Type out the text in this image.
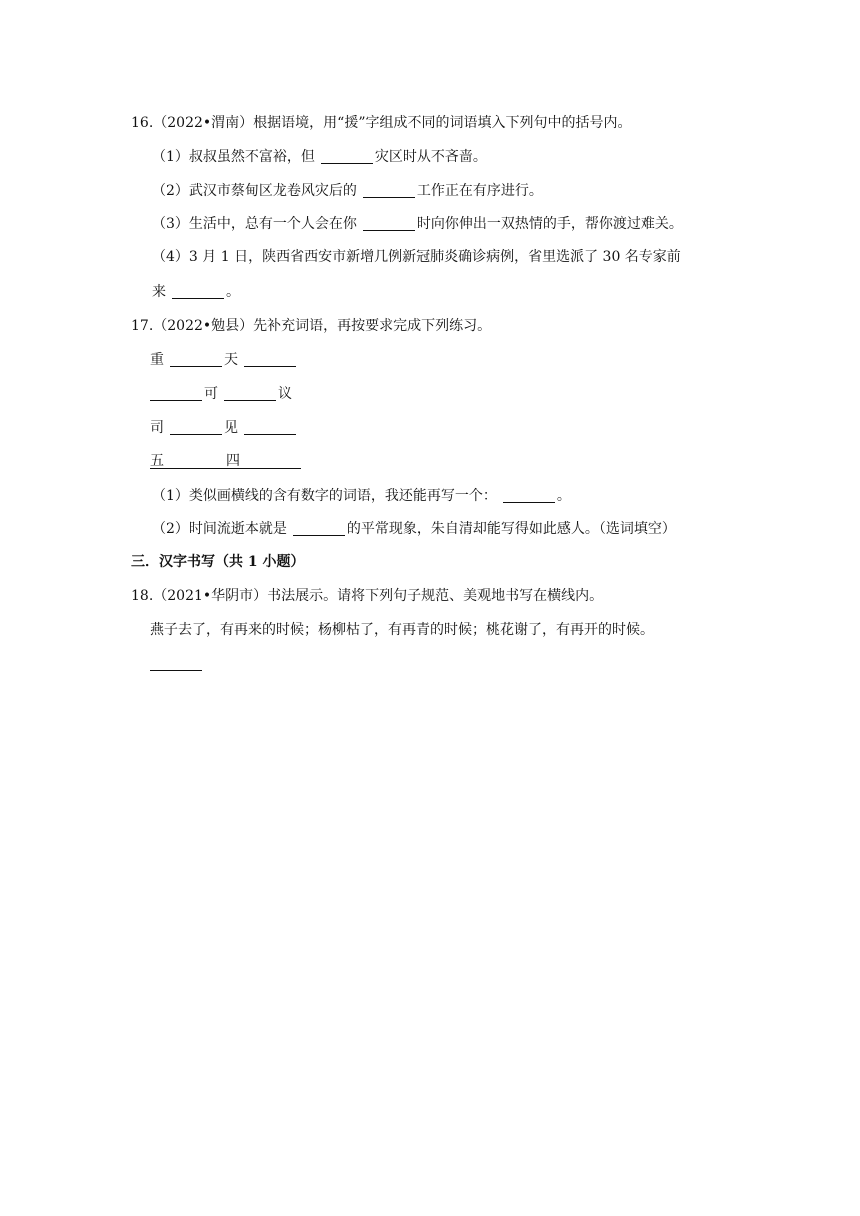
16.（2022•渭南）根据语境，用“援”字组成不同的词语填入下列句中的括号内。
（1）叔叔虽然不富裕，但	灾区时从不吝啬。
（2）武汉市蔡甸区龙卷风灾后的	工作正在有序进行。
（3）生活中，总有一个人会在你	时向你伸出一双热情的手，帮你渡过难关。
（4）3 月 1 日，陕西省西安市新增几例新冠肺炎确诊病例，省里选派了 30 名专家前
来	。
17.（2022•勉县）先补充词语，再按要求完成下列练习。
重	天
可	议
司	见
五	四
（1）类似画横线的含有数字的词语，我还能再写一个：	。
（2）时间流逝本就是	的平常现象，朱自清却能写得如此感人。（选词填空）
三．汉字书写（共 1 小题）
18.（2021•华阴市）书法展示。请将下列句子规范、美观地书写在横线内。
燕子去了，有再来的时候；杨柳枯了，有再青的时候；桃花谢了，有再开的时候。
